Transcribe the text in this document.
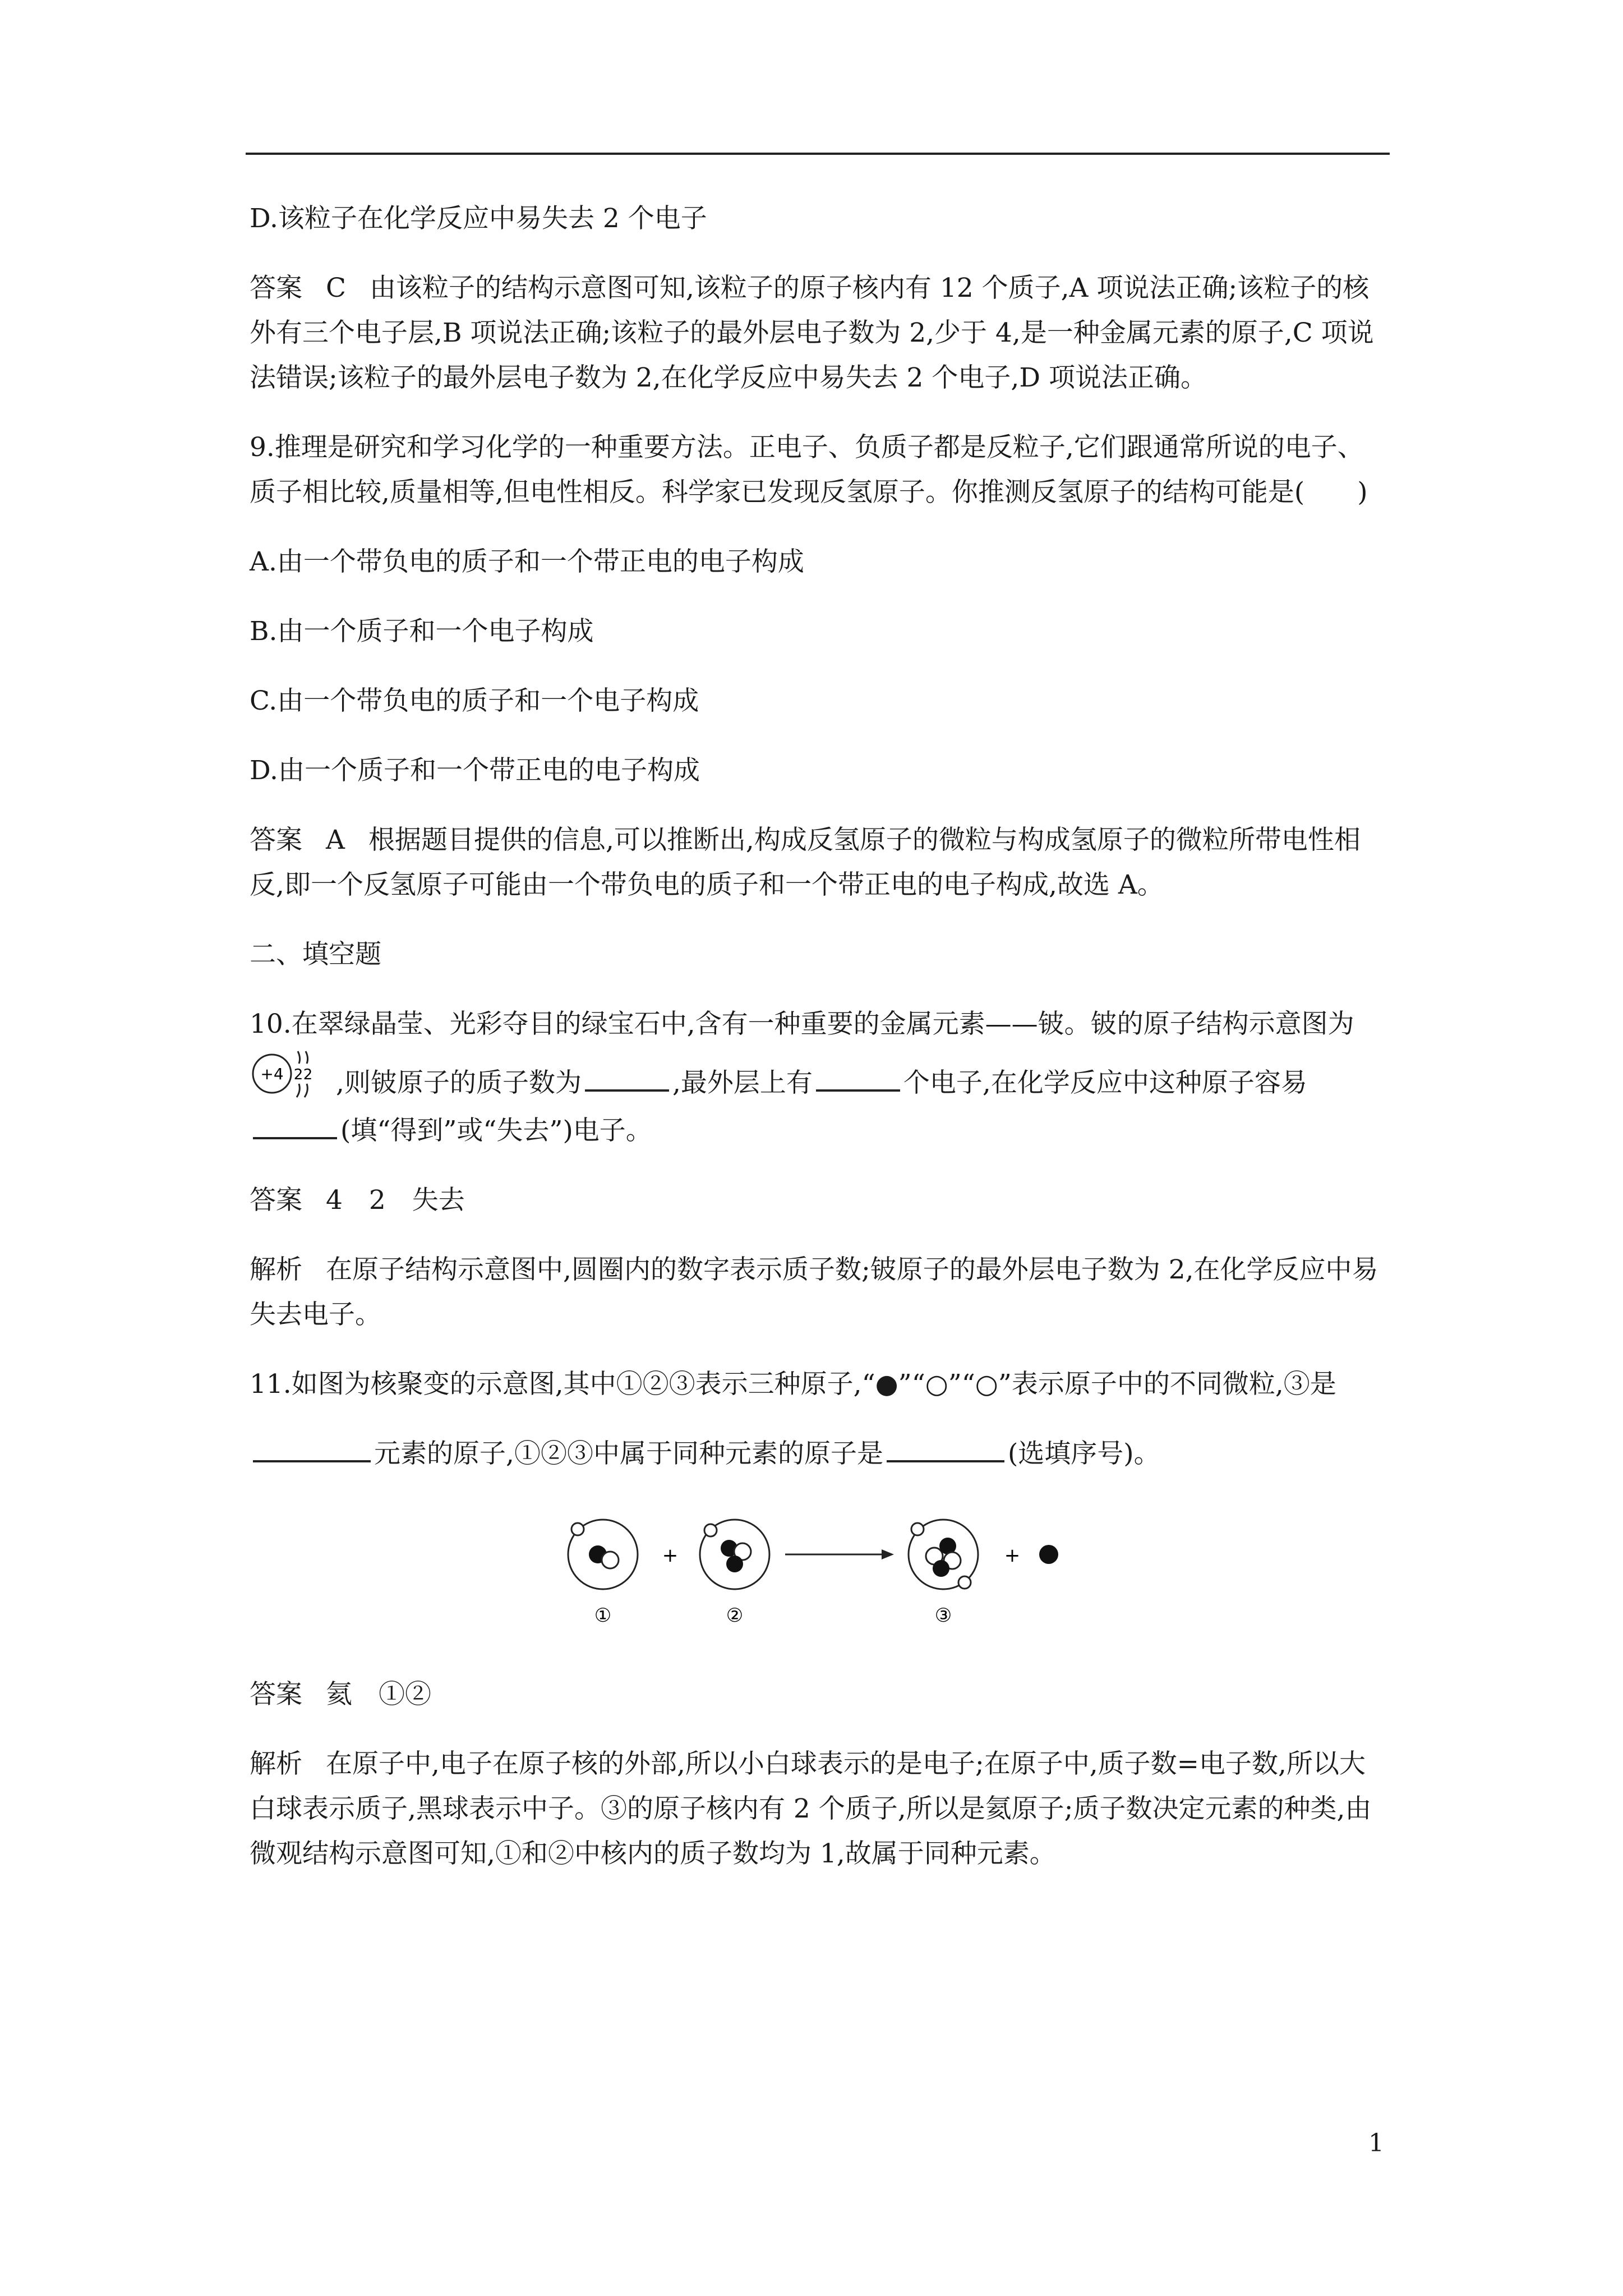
D.该粒子在化学反应中易失去 2 个电子

答案 C 由该粒子的结构示意图可知,该粒子的原子核内有 12 个质子,A 项说法正确;该粒子的核外有三个电子层,B 项说法正确;该粒子的最外层电子数为 2,少于 4,是一种金属元素的原子,C 项说法错误;该粒子的最外层电子数为 2,在化学反应中易失去 2 个电子,D 项说法正确。

9.推理是研究和学习化学的一种重要方法。正电子、负质子都是反粒子,它们跟通常所说的电子、质子相比较,质量相等,但电性相反。科学家已发现反氢原子。你推测反氢原子的结构可能是(　　)

A.由一个带负电的质子和一个带正电的电子构成

B.由一个质子和一个电子构成

C.由一个带负电的质子和一个电子构成

D.由一个质子和一个带正电的电子构成

答案 A 根据题目提供的信息,可以推断出,构成反氢原子的微粒与构成氢原子的微粒所带电性相反,即一个反氢原子可能由一个带负电的质子和一个带正电的电子构成,故选 A。

二、填空题

10.在翠绿晶莹、光彩夺目的绿宝石中,含有一种重要的金属元素——铍。铍的原子结构示意图为
+4 2 2 ,则铍原子的质子数为	,最外层上有	个电子,在化学反应中这种原子容易(填“得到”或“失去”)电子。

答案 4　2　失去

解析 在原子结构示意图中,圆圈内的数字表示质子数;铍原子的最外层电子数为 2,在化学反应中易失去电子。

11.如图为核聚变的示意图,其中①②③表示三种原子,“●”“○”“○”表示原子中的不同微粒,③是

元素的原子,①②③中属于同种元素的原子是	(选填序号)。

+	+
①	②	③

答案 氦　①②

解析 在原子中,电子在原子核的外部,所以小白球表示的是电子;在原子中,质子数=电子数,所以大白球表示质子,黑球表示中子。③的原子核内有 2 个质子,所以是氦原子;质子数决定元素的种类,由微观结构示意图可知,①和②中核内的质子数均为 1,故属于同种元素。

1
